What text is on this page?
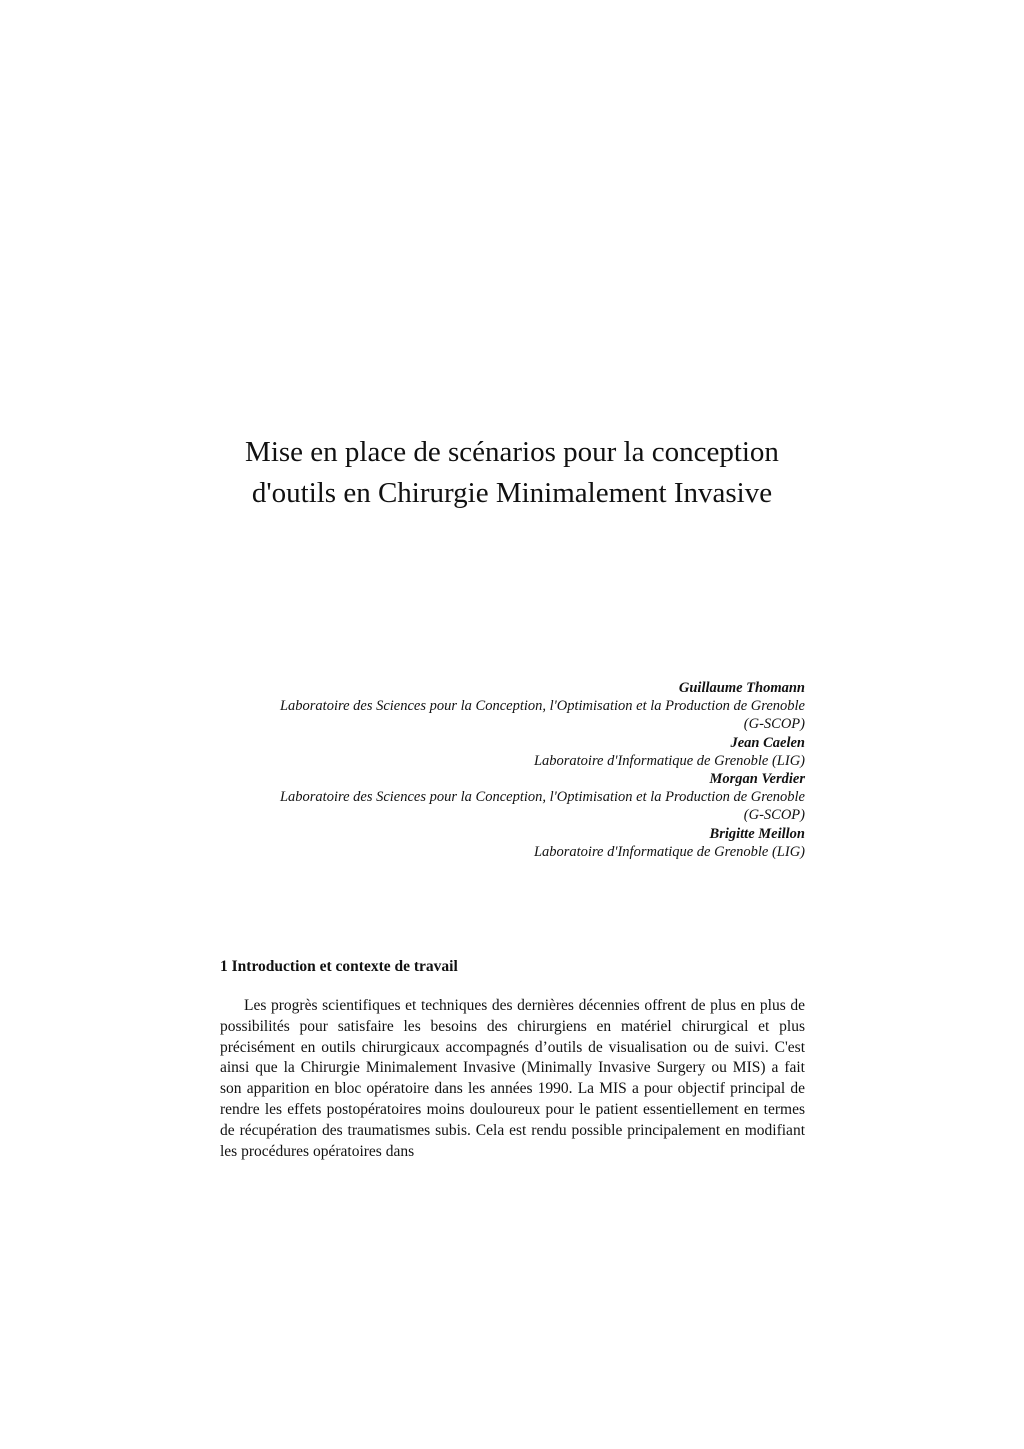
Mise en place de scénarios pour la conception
d'outils en Chirurgie Minimalement Invasive
Guillaume Thomann
Laboratoire des Sciences pour la Conception, l'Optimisation et la Production de Grenoble
(G-SCOP)
Jean Caelen
Laboratoire d'Informatique de Grenoble (LIG)
Morgan Verdier
Laboratoire des Sciences pour la Conception, l'Optimisation et la Production de Grenoble
(G-SCOP)
Brigitte Meillon
Laboratoire d'Informatique de Grenoble (LIG)
1 Introduction et contexte de travail

Les progrès scientifiques et techniques des dernières décennies offrent de plus en plus de possibilités pour satisfaire les besoins des chirurgiens en matériel chirurgical et plus précisément en outils chirurgicaux accompagnés d’outils de visualisation ou de suivi. C'est ainsi que la Chirurgie Minimalement Invasive (Minimally Invasive Surgery ou MIS) a fait son apparition en bloc opératoire dans les années 1990. La MIS a pour objectif principal de rendre les effets postopératoires moins douloureux pour le patient essentiellement en termes de récupération des traumatismes subis. Cela est rendu possible principalement en modifiant les procédures opératoires dans
